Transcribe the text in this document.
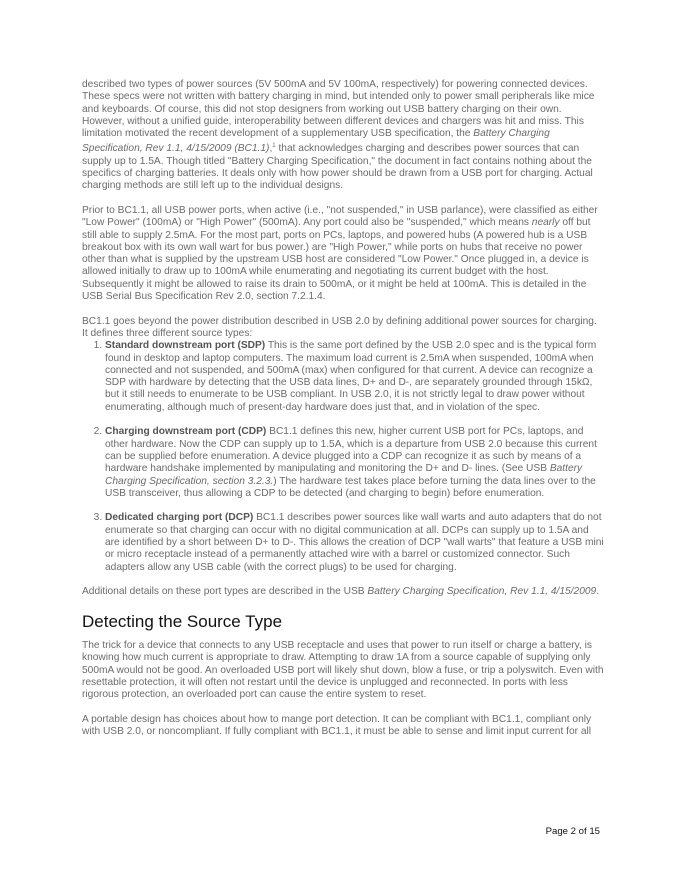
described two types of power sources (5V 500mA and 5V 100mA, respectively) for powering connected devices. These specs were not written with battery charging in mind, but intended only to power small peripherals like mice and keyboards. Of course, this did not stop designers from working out USB battery charging on their own. However, without a unified guide, interoperability between different devices and chargers was hit and miss. This limitation motivated the recent development of a supplementary USB specification, the Battery Charging Specification, Rev 1.1, 4/15/2009 (BC1.1),$^1$ that acknowledges charging and describes power sources that can supply up to 1.5A. Though titled "Battery Charging Specification," the document in fact contains nothing about the specifics of charging batteries. It deals only with how power should be drawn from a USB port for charging. Actual charging methods are still left up to the individual designs.

Prior to BC1.1, all USB power ports, when active (i.e., "not suspended," in USB parlance), were classified as either "Low Power" (100mA) or "High Power" (500mA). Any port could also be "suspended," which means nearly off but still able to supply 2.5mA. For the most part, ports on PCs, laptops, and powered hubs (A powered hub is a USB breakout box with its own wall wart for bus power.) are "High Power," while ports on hubs that receive no power other than what is supplied by the upstream USB host are considered "Low Power." Once plugged in, a device is allowed initially to draw up to 100mA while enumerating and negotiating its current budget with the host. Subsequently it might be allowed to raise its drain to 500mA, or it might be held at 100mA. This is detailed in the USB Serial Bus Specification Rev 2.0, section 7.2.1.4.

BC1.1 goes beyond the power distribution described in USB 2.0 by defining additional power sources for charging. It defines three different source types:

1. Standard downstream port (SDP) This is the same port defined by the USB 2.0 spec and is the typical form found in desktop and laptop computers. The maximum load current is 2.5mA when suspended, 100mA when connected and not suspended, and 500mA (max) when configured for that current. A device can recognize a SDP with hardware by detecting that the USB data lines, D+ and D-, are separately grounded through 15kΩ, but it still needs to enumerate to be USB compliant. In USB 2.0, it is not strictly legal to draw power without enumerating, although much of present-day hardware does just that, and in violation of the spec.
2. Charging downstream port (CDP) BC1.1 defines this new, higher current USB port for PCs, laptops, and other hardware. Now the CDP can supply up to 1.5A, which is a departure from USB 2.0 because this current can be supplied before enumeration. A device plugged into a CDP can recognize it as such by means of a hardware handshake implemented by manipulating and monitoring the D+ and D- lines. (See USB Battery Charging Specification, section 3.2.3.) The hardware test takes place before turning the data lines over to the USB transceiver, thus allowing a CDP to be detected (and charging to begin) before enumeration.
3. Dedicated charging port (DCP) BC1.1 describes power sources like wall warts and auto adapters that do not enumerate so that charging can occur with no digital communication at all. DCPs can supply up to 1.5A and are identified by a short between D+ to D-. This allows the creation of DCP "wall warts" that feature a USB mini or micro receptacle instead of a permanently attached wire with a barrel or customized connector. Such adapters allow any USB cable (with the correct plugs) to be used for charging.

Additional details on these port types are described in the USB Battery Charging Specification, Rev 1.1, 4/15/2009.

Detecting the Source Type

The trick for a device that connects to any USB receptacle and uses that power to run itself or charge a battery, is knowing how much current is appropriate to draw. Attempting to draw 1A from a source capable of supplying only 500mA would not be good. An overloaded USB port will likely shut down, blow a fuse, or trip a polyswitch. Even with resettable protection, it will often not restart until the device is unplugged and reconnected. In ports with less rigorous protection, an overloaded port can cause the entire system to reset.

A portable design has choices about how to mange port detection. It can be compliant with BC1.1, compliant only with USB 2.0, or noncompliant. If fully compliant with BC1.1, it must be able to sense and limit input current for all

Page 2 of 15
